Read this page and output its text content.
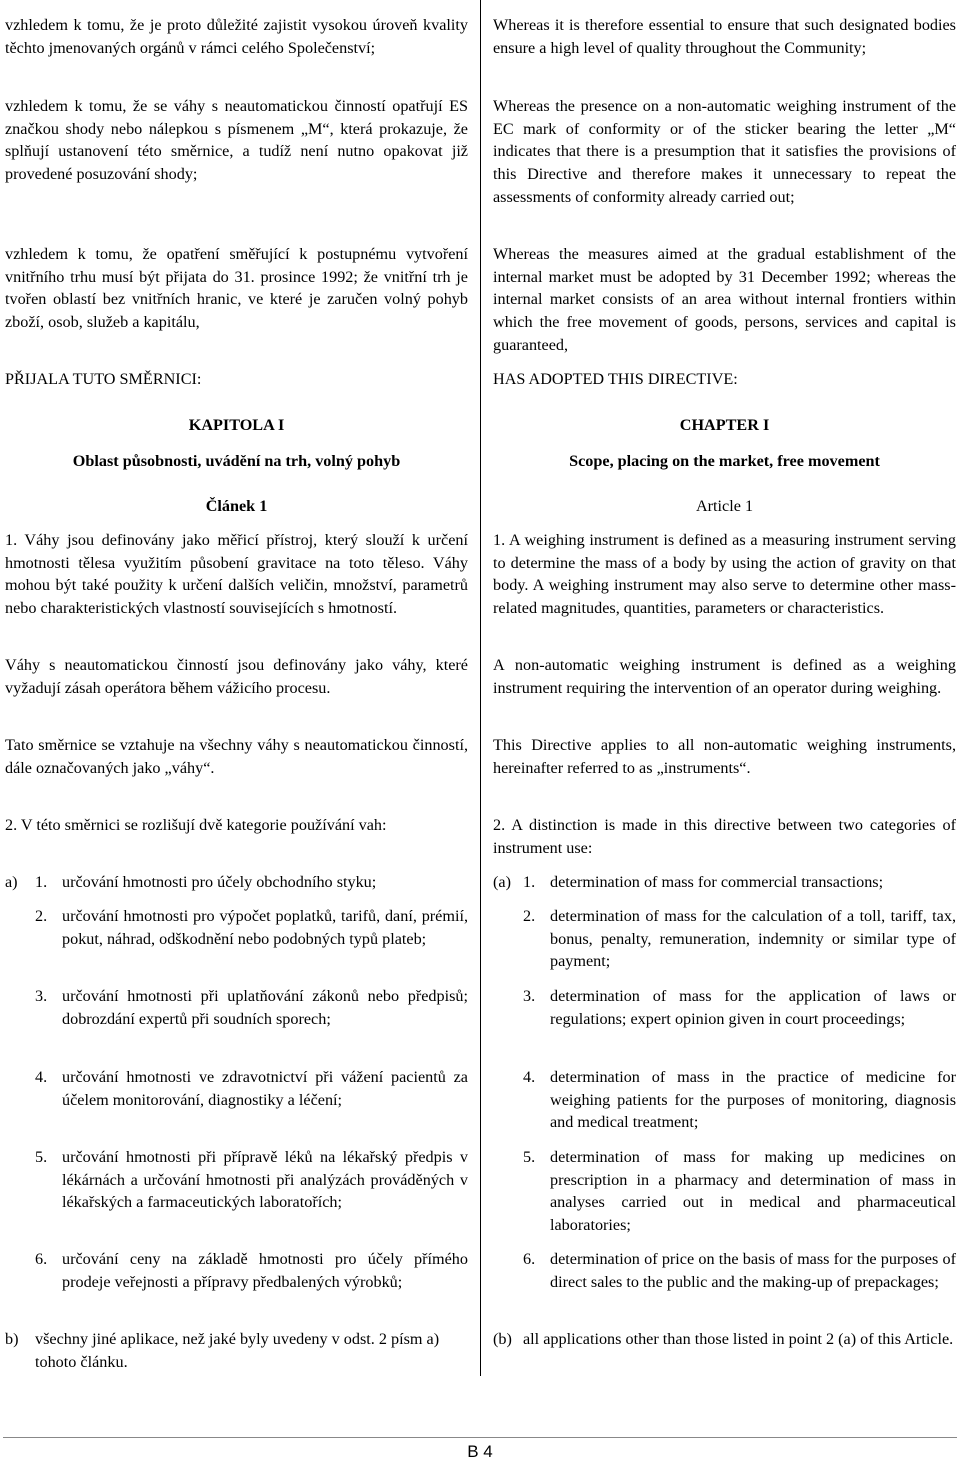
vzhledem k tomu, že je proto důležité zajistit vysokou úroveň kvality těchto jmenovaných orgánů v rámci celého Společenství;
vzhledem k tomu, že se váhy s neautomatickou činností opatřují ES značkou shody nebo nálepkou s písmenem „M“, která prokazuje, že splňují ustanovení této směrnice, a tudíž není nutno opakovat již provedené posuzování shody;
vzhledem k tomu, že opatření směřující k postupnému vytvoření vnitřního trhu musí být přijata do 31. prosince 1992; že vnitřní trh je tvořen oblastí bez vnitřních hranic, ve které je zaručen volný pohyb zboží, osob, služeb a kapitálu,
PŘIJALA TUTO SMĚRNICI:
KAPITOLA I
Oblast působnosti, uvádění na trh, volný pohyb
Článek 1
1. Váhy jsou definovány jako měřicí přístroj, který slouží k určení hmotnosti tělesa využitím působení gravitace na toto těleso. Váhy mohou být také použity k určení dalších veličin, množství, parametrů nebo charakteristických vlastností souvisejících s hmotností.
Váhy s neautomatickou činností jsou definovány jako váhy, které vyžadují zásah operátora během vážicího procesu.
Tato směrnice se vztahuje na všechny váhy s neautomatickou činností, dále označovaných jako „váhy“.
2. V této směrnici se rozlišují dvě kategorie používání vah:
a) 1. určování hmotnosti pro účely obchodního styku;
2. určování hmotnosti pro výpočet poplatků, tarifů, daní, prémií, pokut, náhrad, odškodnění nebo podobných typů plateb;
3. určování hmotnosti při uplatňování zákonů nebo předpisů; dobrozdání expertů při soudních sporech;
4. určování hmotnosti ve zdravotnictví při vážení pacientů za účelem monitorování, diagnostiky a léčení;
5. určování hmotnosti při přípravě léků na lékařský předpis v lékárnách a určování hmotnosti při analýzách prováděných v lékařských a farmaceutických laboratořích;
6. určování ceny na základě hmotnosti pro účely přímého prodeje veřejnosti a přípravy předbalených výrobků;
b) všechny jiné aplikace, než jaké byly uvedeny v odst. 2 písm a) tohoto článku.
Whereas it is therefore essential to ensure that such designated bodies ensure a high level of quality throughout the Community;
Whereas the presence on a non-automatic weighing instrument of the EC mark of conformity or of the sticker bearing the letter „M“ indicates that there is a presumption that it satisfies the provisions of this Directive and therefore makes it unnecessary to repeat the assessments of conformity already carried out;
Whereas the measures aimed at the gradual establishment of the internal market must be adopted by 31 December 1992; whereas the internal market consists of an area without internal frontiers within which the free movement of goods, persons, services and capital is guaranteed,
HAS ADOPTED THIS DIRECTIVE:
CHAPTER I
Scope, placing on the market, free movement
Article 1
1. A weighing instrument is defined as a measuring instrument serving to determine the mass of a body by using the action of gravity on that body. A weighing instrument may also serve to determine other mass-related magnitudes, quantities, parameters or characteristics.
A non-automatic weighing instrument is defined as a weighing instrument requiring the intervention of an operator during weighing.
This Directive applies to all non-automatic weighing instruments, hereinafter referred to as „instruments“.
2. A distinction is made in this directive between two categories of instrument use:
(a) 1. determination of mass for commercial transactions;
2. determination of mass for the calculation of a toll, tariff, tax, bonus, penalty, remuneration, indemnity or similar type of payment;
3. determination of mass for the application of laws or regulations; expert opinion given in court proceedings;
4. determination of mass in the practice of medicine for weighing patients for the purposes of monitoring, diagnosis and medical treatment;
5. determination of mass for making up medicines on prescription in a pharmacy and determination of mass in analyses carried out in medical and pharmaceutical laboratories;
6. determination of price on the basis of mass for the purposes of direct sales to the public and the making-up of prepackages;
(b) all applications other than those listed in point 2 (a) of this Article.
B 4
